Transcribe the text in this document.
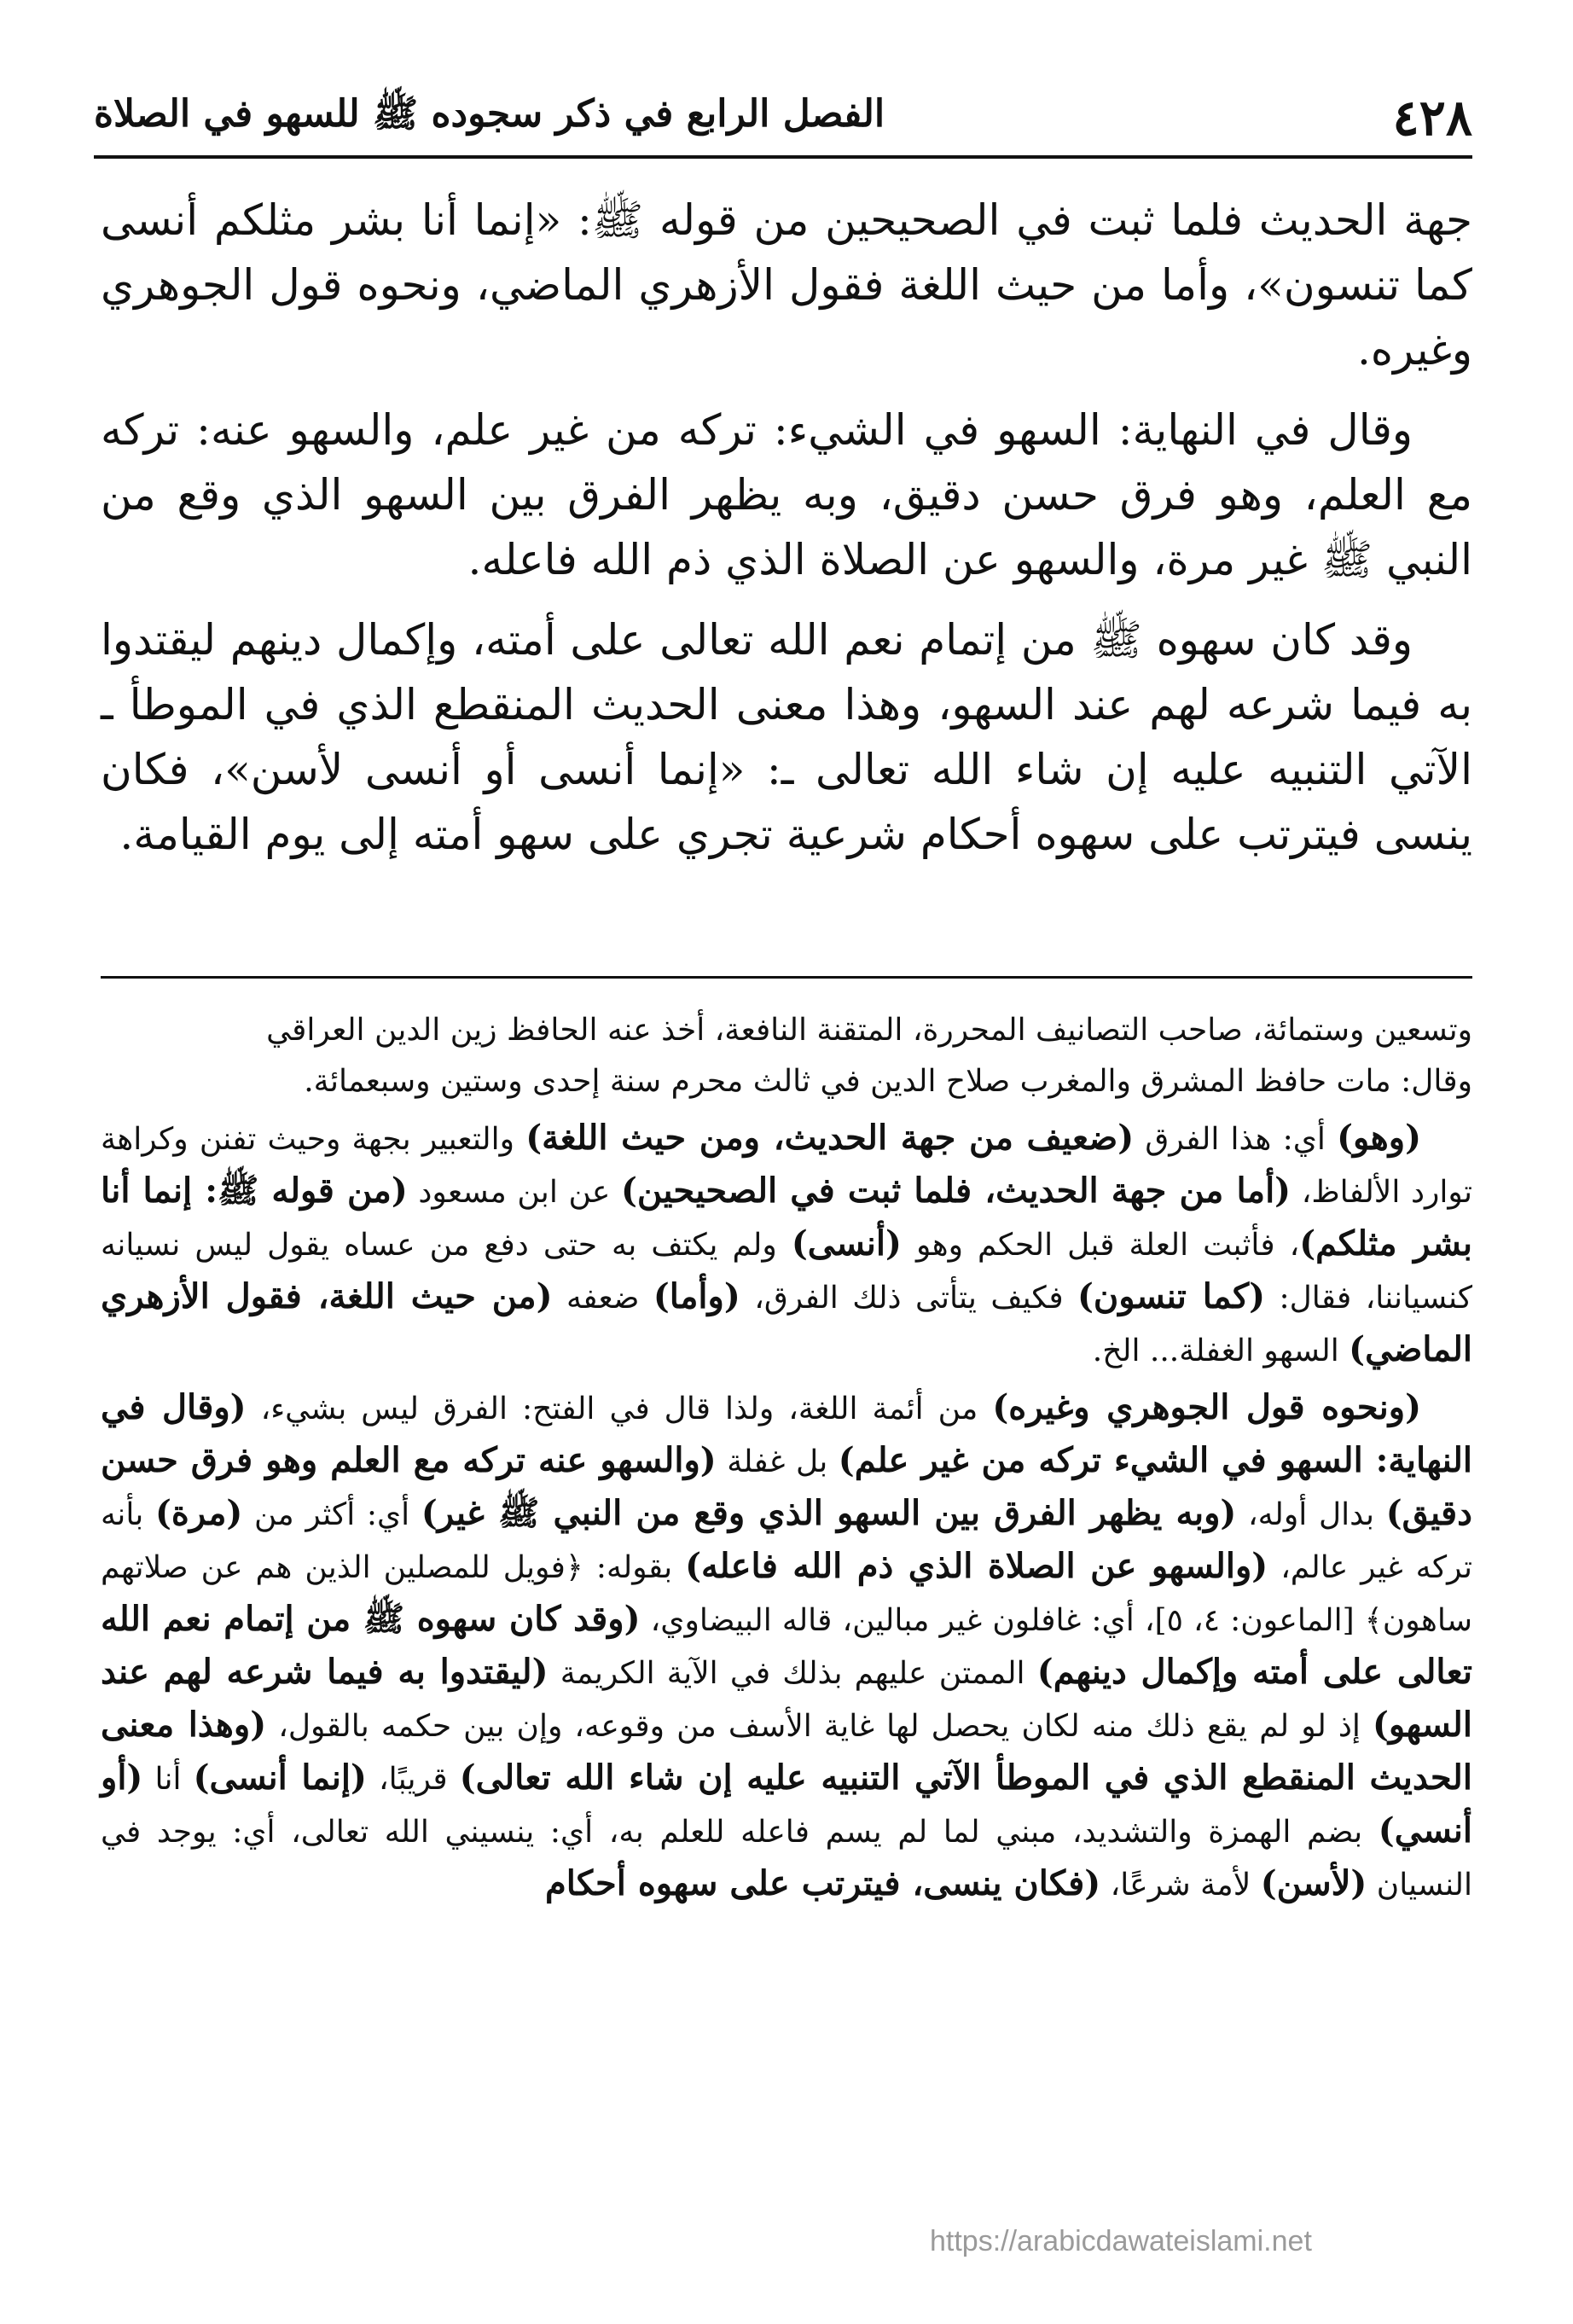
٤٢٨
الفصل الرابع في ذكر سجوده ﷺ للسهو في الصلاة

جهة الحديث فلما ثبت في الصحيحين من قوله ﷺ: «إنما أنا بشر مثلكم أنسى كما تنسون»، وأما من حيث اللغة فقول الأزهري الماضي، ونحوه قول الجوهري وغيره.

وقال في النهاية: السهو في الشيء: تركه من غير علم، والسهو عنه: تركه مع العلم، وهو فرق حسن دقيق، وبه يظهر الفرق بين السهو الذي وقع من النبي ﷺ غير مرة، والسهو عن الصلاة الذي ذم الله فاعله.

وقد كان سهوه ﷺ من إتمام نعم الله تعالى على أمته، وإكمال دينهم ليقتدوا به فيما شرعه لهم عند السهو، وهذا معنى الحديث المنقطع الذي في الموطأ ـ الآتي التنبيه عليه إن شاء الله تعالى ـ: «إنما أنسى أو أنسى لأسن»، فكان ينسى فيترتب على سهوه أحكام شرعية تجري على سهو أمته إلى يوم القيامة.

وتسعين وستمائة، صاحب التصانيف المحررة، المتقنة النافعة، أخذ عنه الحافظ زين الدين العراقي
وقال: مات حافظ المشرق والمغرب صلاح الدين في ثالث محرم سنة إحدى وستين وسبعمائة.

(وهو) أي: هذا الفرق (ضعيف من جهة الحديث، ومن حيث اللغة) والتعبير بجهة وحيث تفنن وكراهة توارد الألفاظ، (أما من جهة الحديث، فلما ثبت في الصحيحين) عن ابن مسعود (من قوله ﷺ: إنما أنا بشر مثلكم)، فأثبت العلة قبل الحكم وهو (أنسى) ولم يكتف به حتى دفع من عساه يقول ليس نسيانه كنسياننا، فقال: (كما تنسون) فكيف يتأتى ذلك الفرق، (وأما) ضعفه (من حيث اللغة، فقول الأزهري الماضي) السهو الغفلة... الخ.

(ونحوه قول الجوهري وغيره) من أئمة اللغة، ولذا قال في الفتح: الفرق ليس بشيء، (وقال في النهاية: السهو في الشيء تركه من غير علم) بل غفلة (والسهو عنه تركه مع العلم وهو فرق حسن دقيق) بدال أوله، (وبه يظهر الفرق بين السهو الذي وقع من النبي ﷺ غير) أي: أكثر من (مرة) بأنه تركه غير عالم، (والسهو عن الصلاة الذي ذم الله فاعله) بقوله: ﴿فويل للمصلين الذين هم عن صلاتهم ساهون﴾ [الماعون: ٤، ٥]، أي: غافلون غير مبالين، قاله البيضاوي، (وقد كان سهوه ﷺ من إتمام نعم الله تعالى على أمته وإكمال دينهم) الممتن عليهم بذلك في الآية الكريمة (ليقتدوا به فيما شرعه لهم عند السهو) إذ لو لم يقع ذلك منه لكان يحصل لها غاية الأسف من وقوعه، وإن بين حكمه بالقول، (وهذا معنى الحديث المنقطع الذي في الموطأ الآتي التنبيه عليه إن شاء الله تعالى) قريبًا، (إنما أنسى) أنا (أو أنسي) بضم الهمزة والتشديد، مبني لما لم يسم فاعله للعلم به، أي: ينسيني الله تعالى، أي: يوجد في النسيان (لأسن) لأمة شرعًا، (فكان ينسى، فيترتب على سهوه أحكام

https://arabicdawateislami.net
